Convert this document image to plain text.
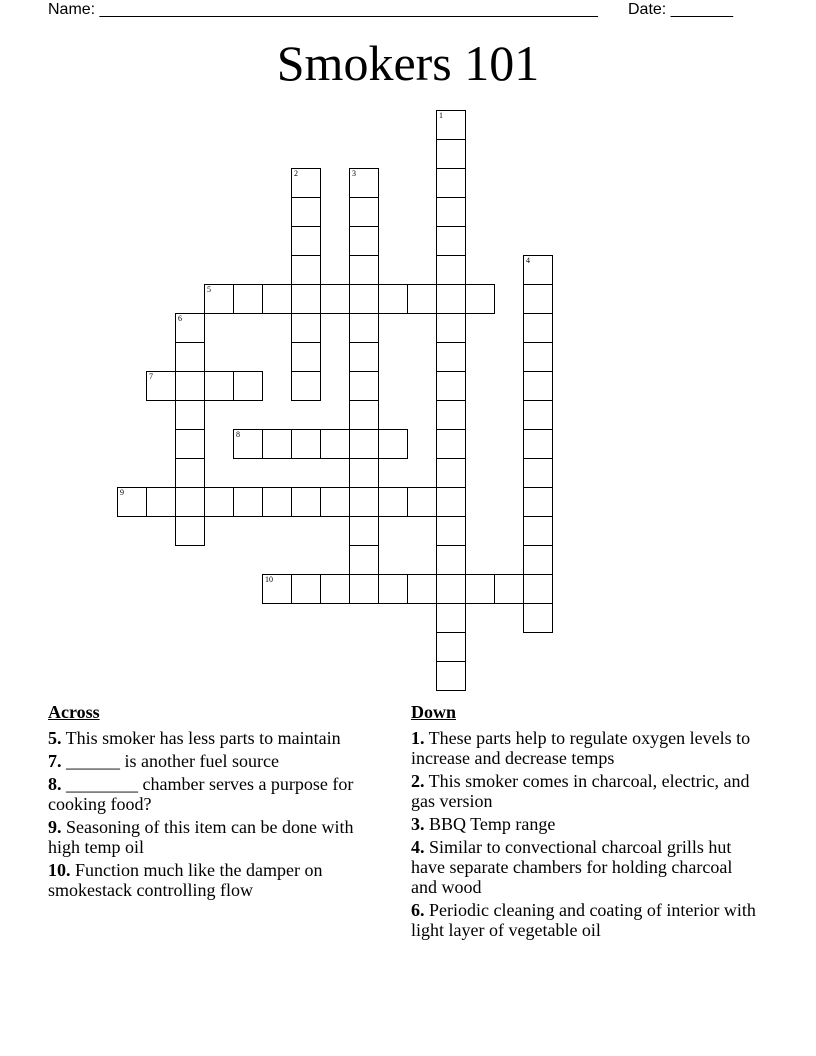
Name: ________________________________________________________ Date: _______
Smokers 101
1
2	3
4
5
6
7
8
9
10
Across
5. This smoker has less parts to maintain
7. ______ is another fuel source
8. ________ chamber serves a purpose for cooking food?
9. Seasoning of this item can be done with high temp oil
10. Function much like the damper on smokestack controlling flow
Down
1. These parts help to regulate oxygen levels to increase and decrease temps
2. This smoker comes in charcoal, electric, and gas version
3. BBQ Temp range
4. Similar to convectional charcoal grills hut have separate chambers for holding charcoal and wood
6. Periodic cleaning and coating of interior with light layer of vegetable oil
